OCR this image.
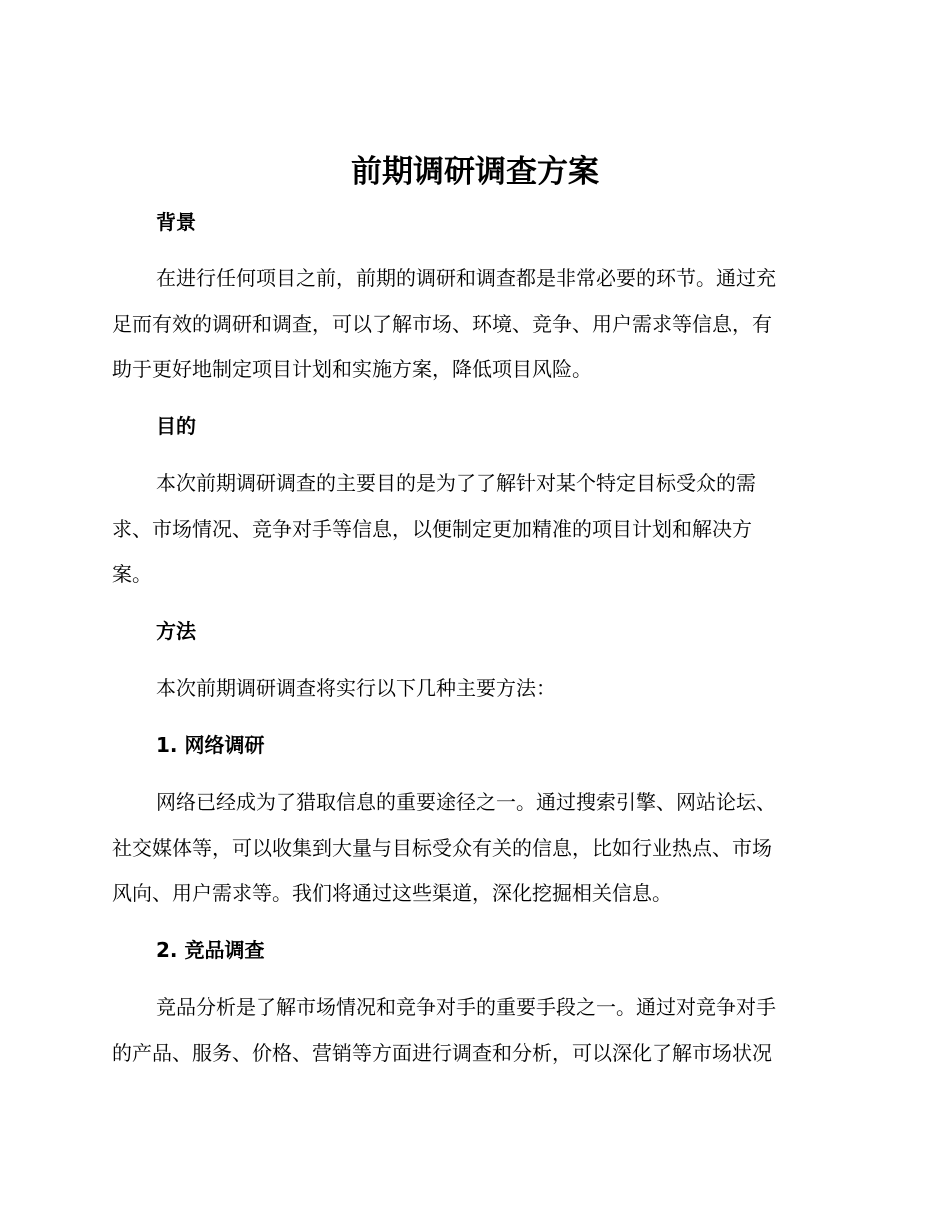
前期调研调查方案
背景
在进行任何项目之前，前期的调研和调查都是非常必要的环节。通过充
足而有效的调研和调查，可以了解市场、环境、竞争、用户需求等信息，有
助于更好地制定项目计划和实施方案，降低项目风险。
目的
本次前期调研调查的主要目的是为了了解针对某个特定目标受众的需
求、市场情况、竞争对手等信息，以便制定更加精准的项目计划和解决方
案。
方法
本次前期调研调查将实行以下几种主要方法：
1. 网络调研
网络已经成为了猎取信息的重要途径之一。通过搜索引擎、网站论坛、
社交媒体等，可以收集到大量与目标受众有关的信息，比如行业热点、市场
风向、用户需求等。我们将通过这些渠道，深化挖掘相关信息。
2. 竞品调查
竞品分析是了解市场情况和竞争对手的重要手段之一。通过对竞争对手
的产品、服务、价格、营销等方面进行调查和分析，可以深化了解市场状况
